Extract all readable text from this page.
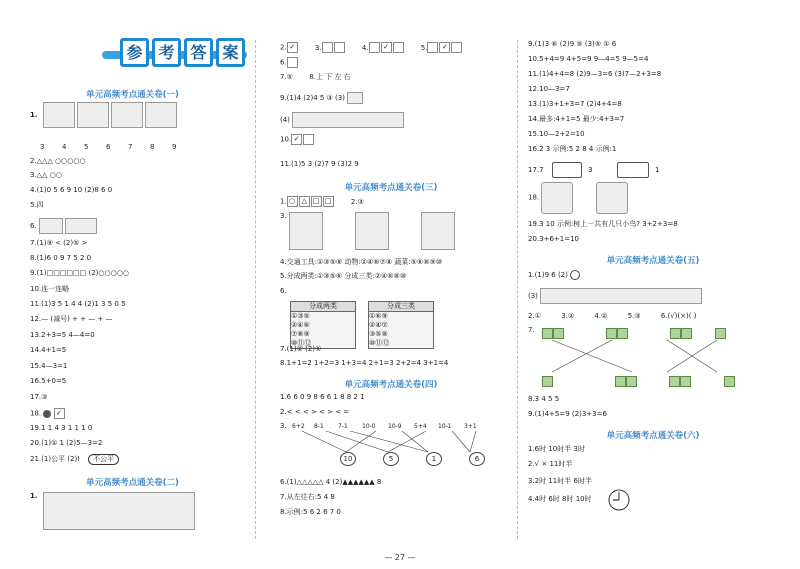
参 考 答 案
单元高频考点通关卷(一)
1.
3	4	5	6	7	8	9
2.△△△ ○○○○○
3.△△ ○○
4.(1)0 5 6 9 10 (2)8 6 0
5.四
6.
7.(1)⑨ < (2)⑤ >
8.(1)6 0 9 7 5 2 0
9.(1)□□□□□□ (2)○○○○○
10.连一连略
11.(1)3 5 1 4 4 (2)1 3 5 0 5
12.— (减号) + + — + —
13.2+3=5 4—4=0
14.4+1=5
15.4—3=1
16.5+0=5
17.③
18. ✓
19.1 1 4 3 1 1 1 0
20.(1)① 1 (2)5—3=2
21.(1)公平 (2)I	不公平
单元高频考点通关卷(二)
1.
2. ✓	3.	4. ✓	5. ✓
6.
7.⑤ 8.上 下 左 右
9.(1)4 (2)4 5 ③ (3)
(4)
10. ✓
11.(1)5 3 (2)7 9 (3)2 9
单元高频考点通关卷(三)
1. ○ △ □ □	2.③
3.
4.交通工具:①③⑤⑨ 动物:②④⑥⑦⑧ 蔬菜:⑤⑥⑧⑨⑩
5.分成两类:①③⑤⑥ 分成三类:②④⑥⑧⑩
6.
分成两类
①③⑤
②④⑥
⑦⑧⑨
⑩⑪⑫
分成三类
①⑥⑨
②④⑦
③⑤⑧
⑩⑪⑫
7.(1)② (2)⑤
8.1+1=2 1+2=3 1+3=4 2+1=3 2+2=4 3+1=4
单元高频考点通关卷(四)
1.6 6 0 9 8 6 6 1 8 8 2 1
2.< < < > < > < =
3. 6+2 8-1 7-1 10-0 10-9 5+4 10-1 3+1
10	5	1	6
6.(1)△△△△△ 4 (2)▲▲▲▲▲▲ 8
7.从左往右:5 4 8
8.示例:5 6 2 6 7 0
9.(1)3 ⑥ (2)9 ⑤ (3)⑤ ① 6
10.5+4=9 4+5=9 9—4=5 9—5=4
11.(1)4+4=8 (2)9—3=6 (3)7—2+3=8
12.10—3=7
13.(1)3+1+3=7 (2)4+4=8
14.最多:4+1=5 最少:4+3=7
15.10—2+2=10
16.2 3 示例:5 2 8 4 示例:1
17.7	3	1
18.
19.3 10 示例:树上一共有几只小鸟? 3+2+3=8
20.3+6+1=10
单元高频考点通关卷(五)
1.(1)9 6 (2)
(3)
2.①	3.②	4.②	5.③	6.(√)(×)( )
7.

8.3 4 5 5
9.(1)4+5=9 (2)3+3=6
单元高频考点通关卷(六)
1.6时 10时半 3时
2.√ × 11时半
3.2时 11时半 6时半
4.4时 6时 8时 10时
— 27 —
